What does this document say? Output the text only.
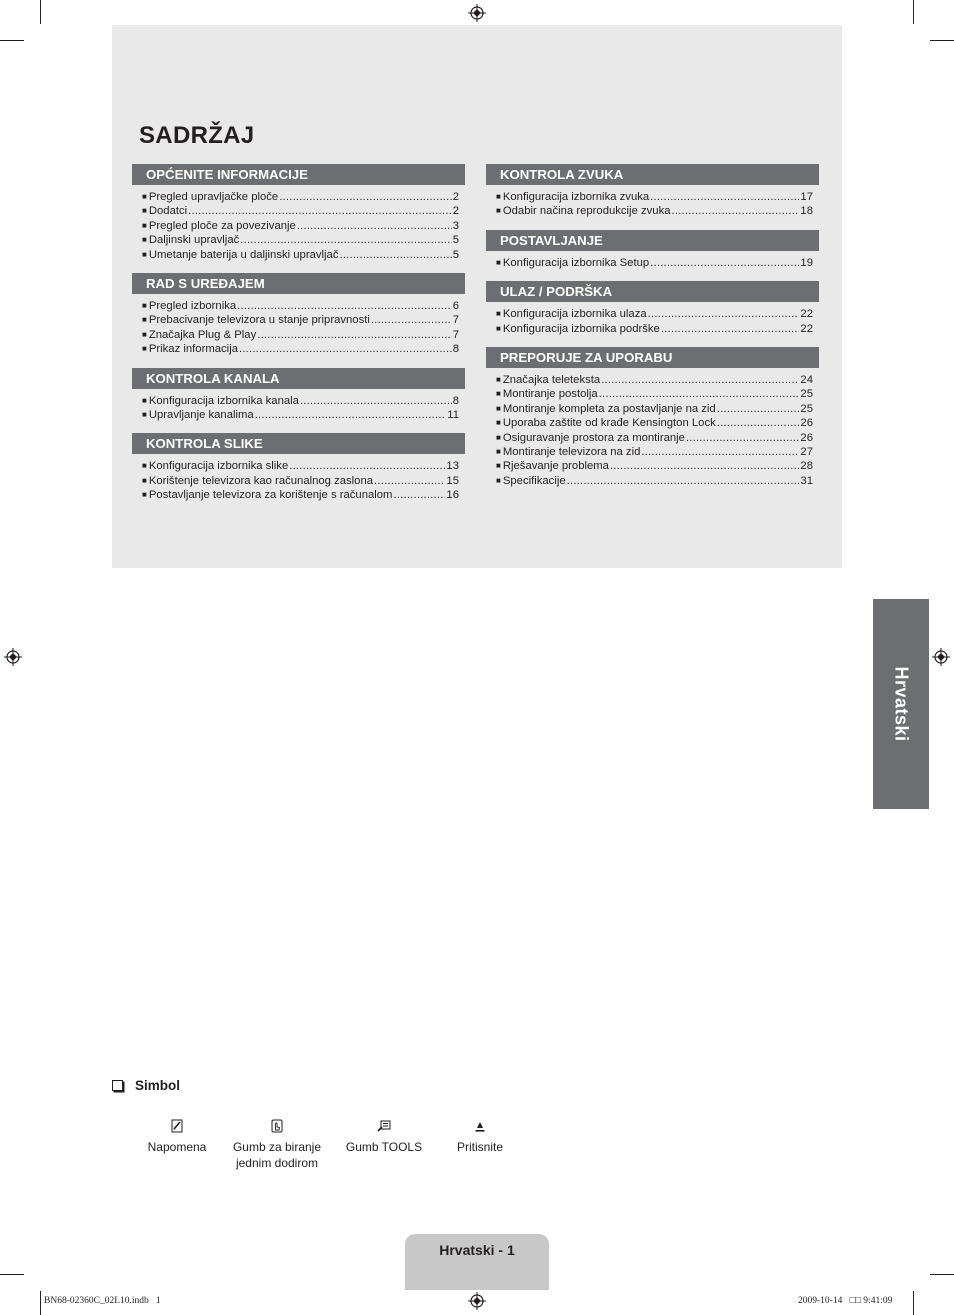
SADRŽAJ
OPĆENITE INFORMACIJE
■ Pregled upravljačke ploče .....	2
■ Dodatci .....	2
■ Pregled ploče za povezivanje .....	3
■ Daljinski upravljač .....	5
■ Umetanje baterija u daljinski upravljač .....	5
RAD S UREĐAJEM
■ Pregled izbornika .....	6
■ Prebacivanje televizora u stanje pripravnosti .....	7
■ Značajka Plug & Play .....	7
■ Prikaz informacija .....	8
KONTROLA KANALA
■ Konfiguracija izbornika kanala .....	8
■ Upravljanje kanalima .....	11
KONTROLA SLIKE
■ Konfiguracija izbornika slike .....	13
■ Korištenje televizora kao računalnog zaslona .....	15
■ Postavljanje televizora za korištenje s računalom .....	16
KONTROLA ZVUKA
■ Konfiguracija izbornika zvuka .....	17
■ Odabir načina reprodukcije zvuka .....	18
POSTAVLJANJE
■ Konfiguracija izbornika Setup .....	19
ULAZ / PODRŠKA
■ Konfiguracija izbornika ulaza .....	22
■ Konfiguracija izbornika podrške .....	22
PREPORUJE ZA UPORABU
■ Značajka teleteksta .....	24
■ Montiranje postolja .....	25
■ Montiranje kompleta za postavljanje na zid .....	25
■ Uporaba zaštite od krađe Kensington Lock .....	26
■ Osiguravanje prostora za montiranje .....	26
■ Montiranje televizora na zid .....	27
■ Rješavanje problema .....	28
■ Specifikacije .....	31
Hrvatski
Simbol
Napomena	Gumb za biranje
jednim dodirom
Gumb TOOLS	Pritisnite
Hrvatski - 1
BN68-02360C_02L10.indb   1	2009-10-14   □□ 9:41:09
